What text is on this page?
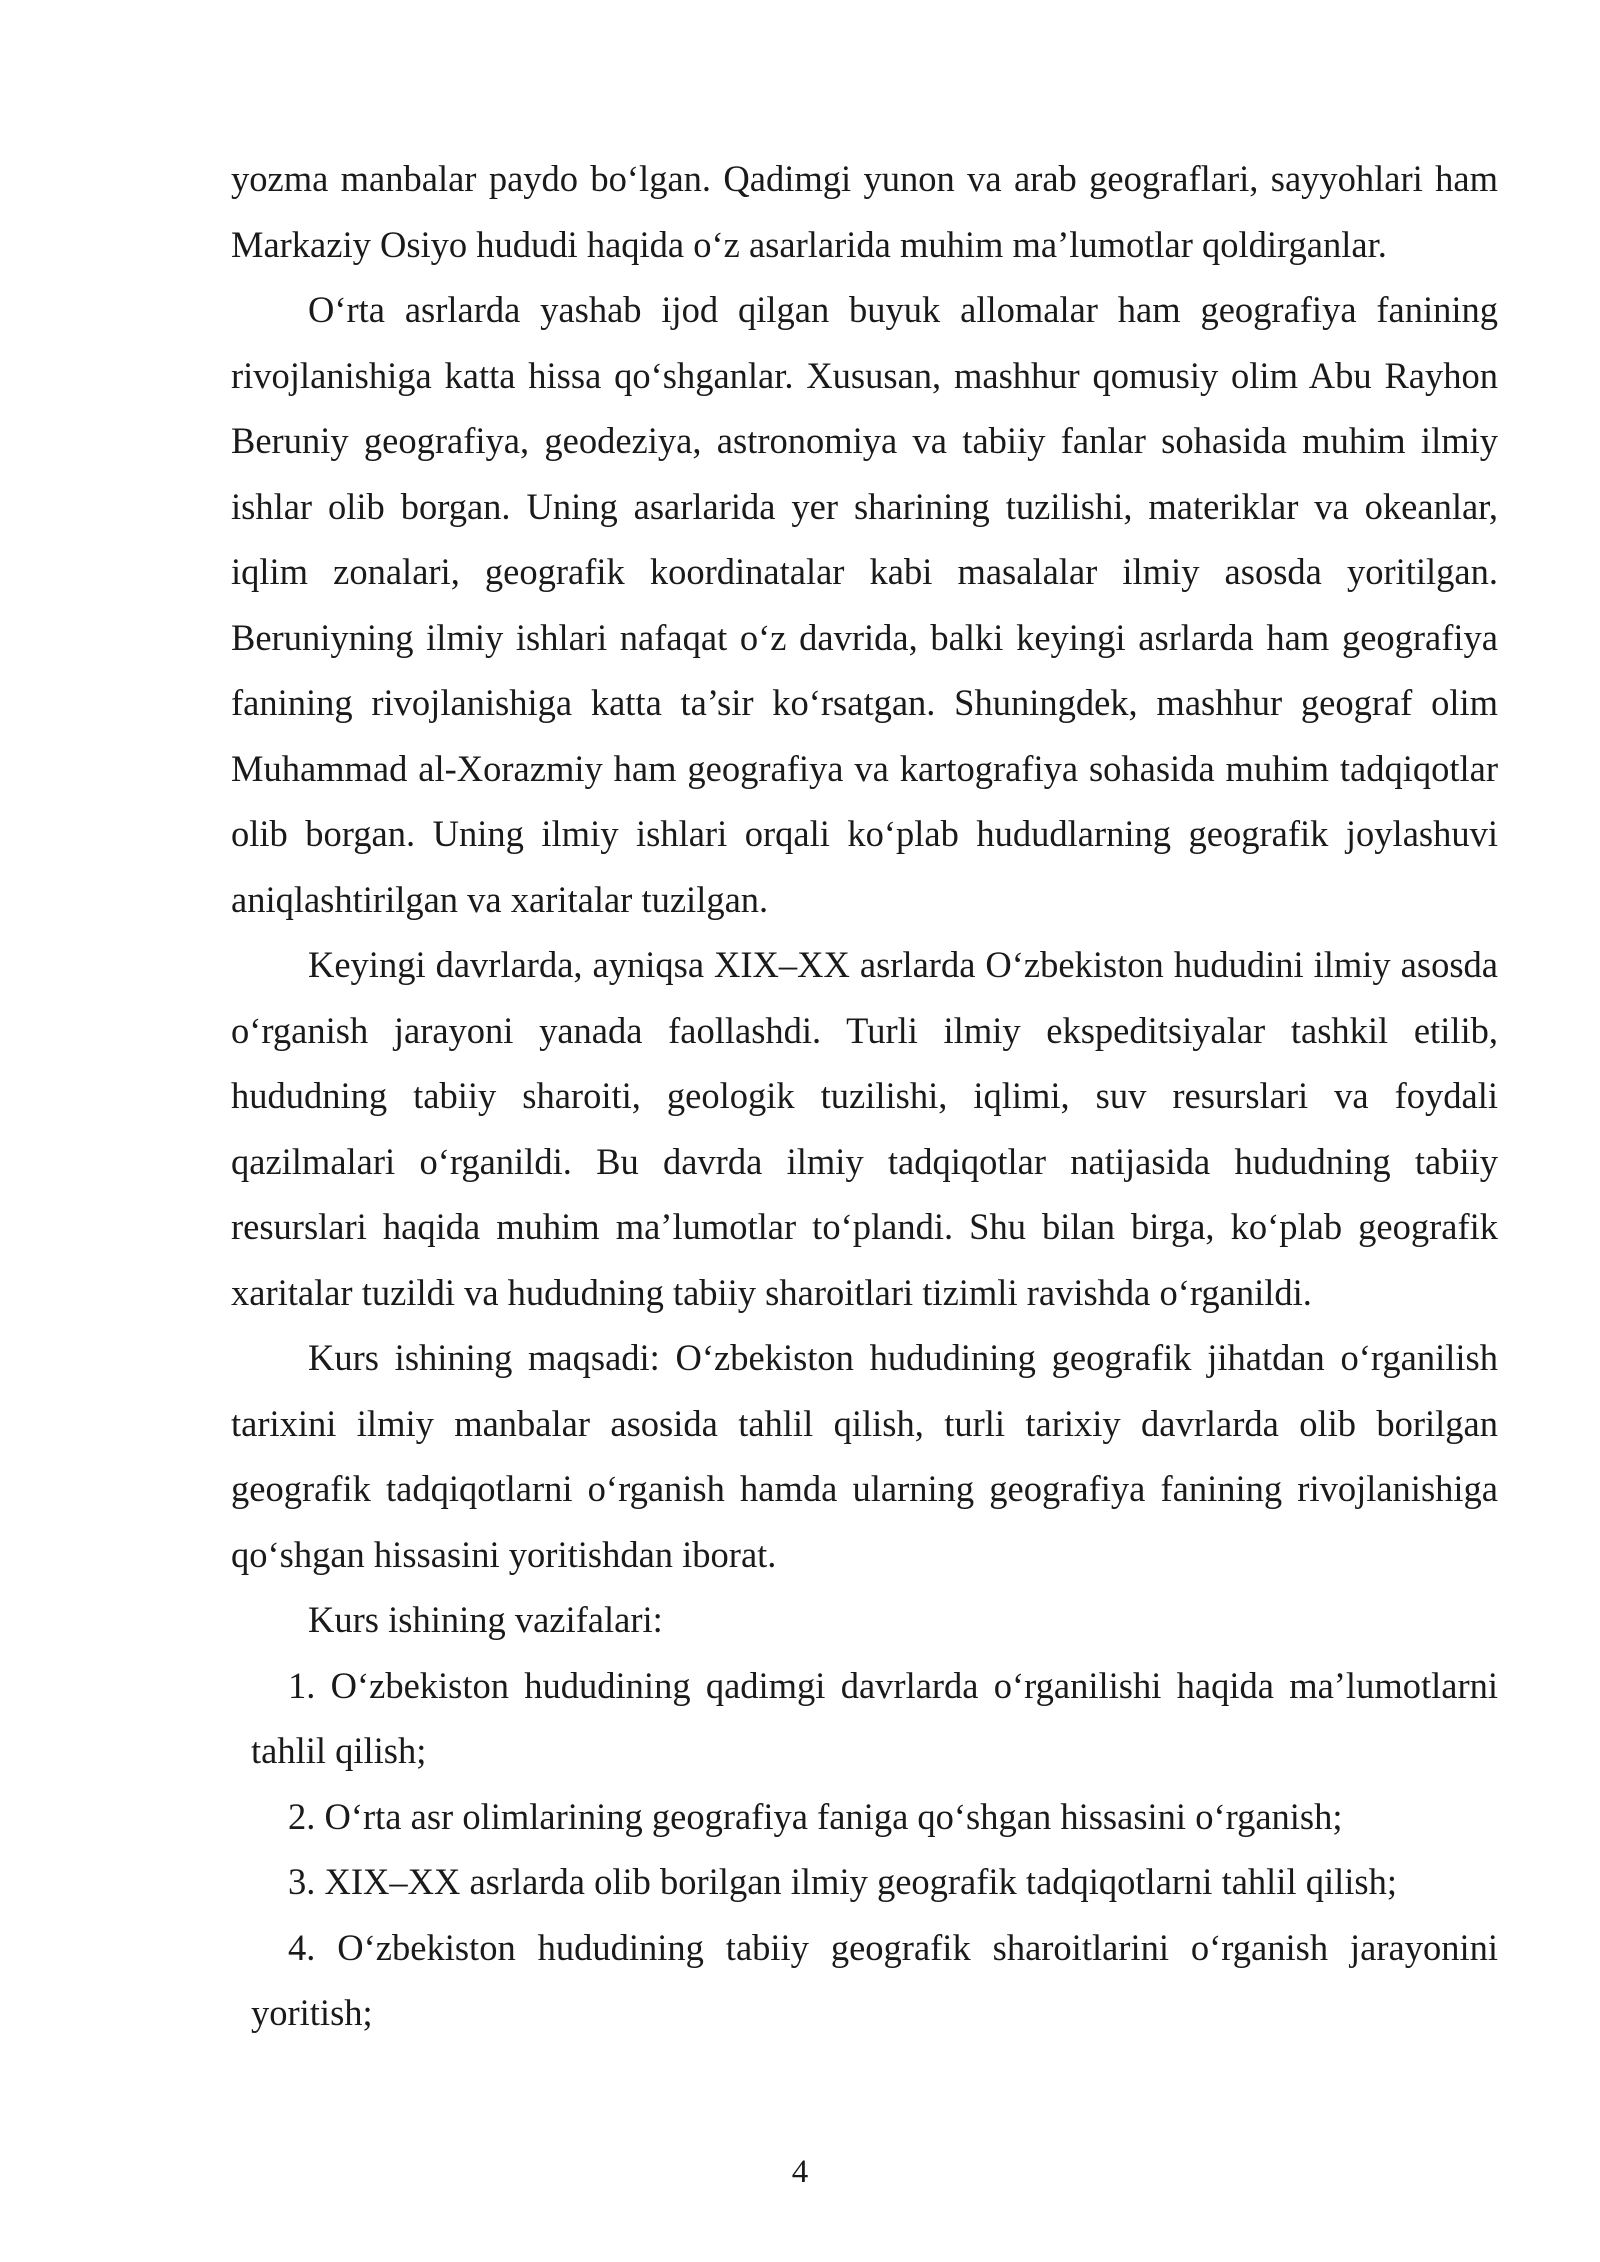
yozma manbalar paydo bo‘lgan. Qadimgi yunon va arab geograflari, sayyohlari ham Markaziy Osiyo hududi haqida o‘z asarlarida muhim ma’lumotlar qoldirganlar.

O‘rta asrlarda yashab ijod qilgan buyuk allomalar ham geografiya fanining rivojlanishiga katta hissa qo‘shganlar. Xususan, mashhur qomusiy olim Abu Rayhon Beruniy geografiya, geodeziya, astronomiya va tabiiy fanlar sohasida muhim ilmiy ishlar olib borgan. Uning asarlarida yer sharining tuzilishi, materiklar va okeanlar, iqlim zonalari, geografik koordinatalar kabi masalalar ilmiy asosda yoritilgan. Beruniyning ilmiy ishlari nafaqat o‘z davrida, balki keyingi asrlarda ham geografiya fanining rivojlanishiga katta ta’sir ko‘rsatgan. Shuningdek, mashhur geograf olim Muhammad al-Xorazmiy ham geografiya va kartografiya sohasida muhim tadqiqotlar olib borgan. Uning ilmiy ishlari orqali ko‘plab hududlarning geografik joylashuvi aniqlashtirilgan va xaritalar tuzilgan.

Keyingi davrlarda, ayniqsa XIX–XX asrlarda O‘zbekiston hududini ilmiy asosda o‘rganish jarayoni yanada faollashdi. Turli ilmiy ekspeditsiyalar tashkil etilib, hududning tabiiy sharoiti, geologik tuzilishi, iqlimi, suv resurslari va foydali qazilmalari o‘rganildi. Bu davrda ilmiy tadqiqotlar natijasida hududning tabiiy resurslari haqida muhim ma’lumotlar to‘plandi. Shu bilan birga, ko‘plab geografik xaritalar tuzildi va hududning tabiiy sharoitlari tizimli ravishda o‘rganildi.

Kurs ishining maqsadi: O‘zbekiston hududining geografik jihatdan o‘rganilish tarixini ilmiy manbalar asosida tahlil qilish, turli tarixiy davrlarda olib borilgan geografik tadqiqotlarni o‘rganish hamda ularning geografiya fanining rivojlanishiga qo‘shgan hissasini yoritishdan iborat.

Kurs ishining vazifalari:

1. O‘zbekiston hududining qadimgi davrlarda o‘rganilishi haqida ma’lumotlarni tahlil qilish;

2. O‘rta asr olimlarining geografiya faniga qo‘shgan hissasini o‘rganish;

3. XIX–XX asrlarda olib borilgan ilmiy geografik tadqiqotlarni tahlil qilish;

4. O‘zbekiston hududining tabiiy geografik sharoitlarini o‘rganish jarayonini yoritish;

4
